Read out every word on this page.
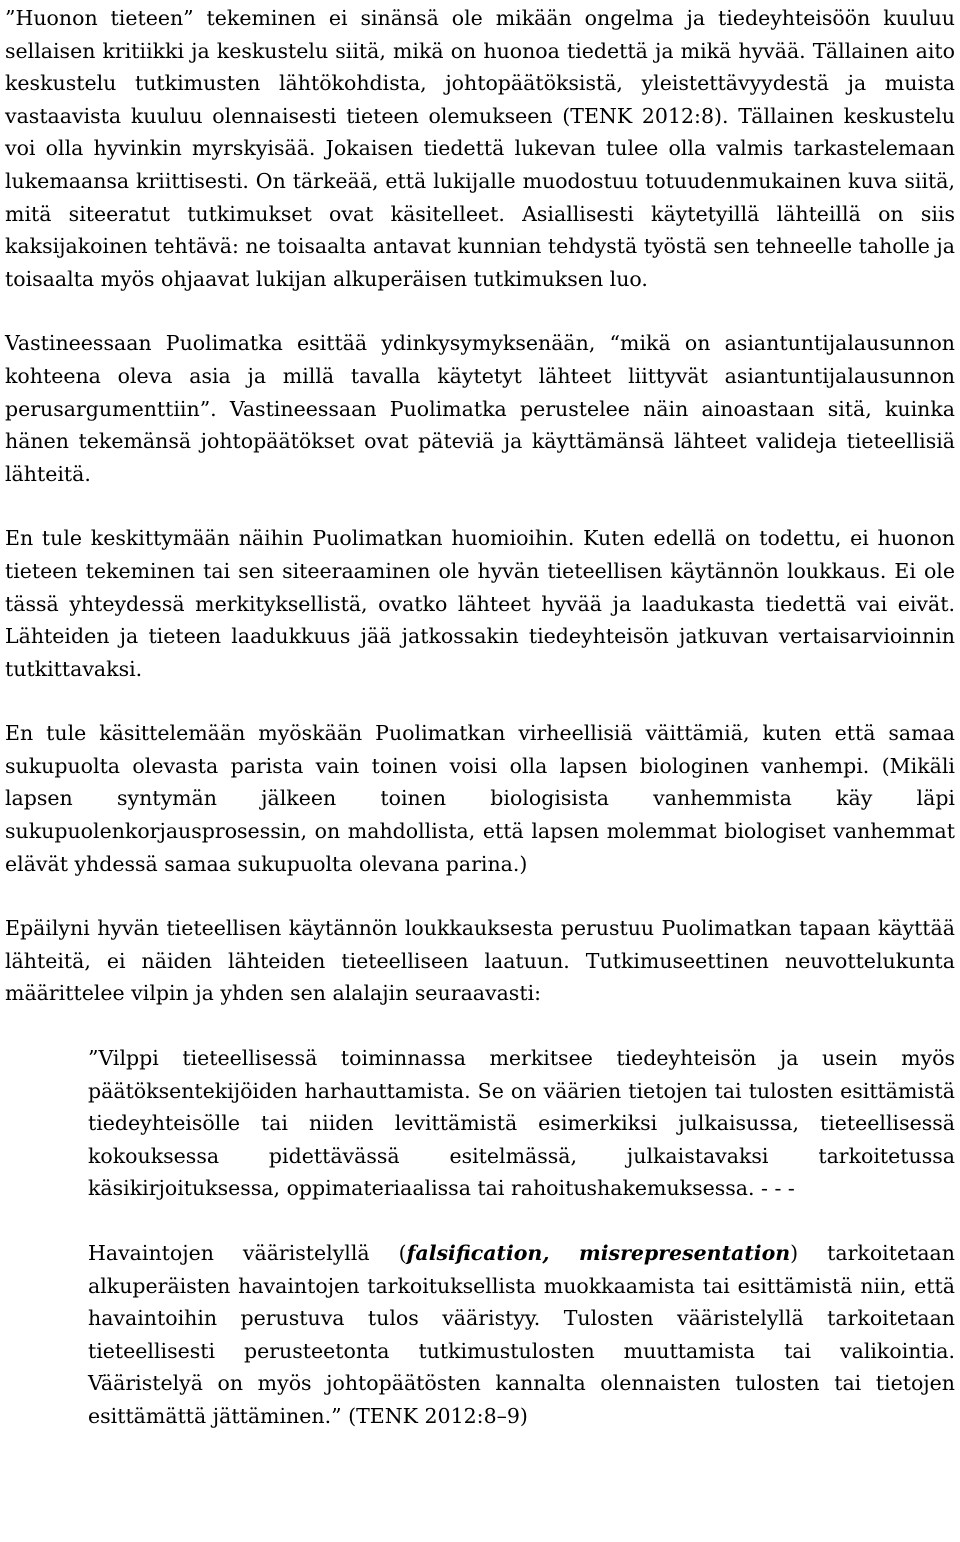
”Huonon tieteen” tekeminen ei sinänsä ole mikään ongelma ja tiedeyhteisöön kuuluu sellaisen kritiikki ja keskustelu siitä, mikä on huonoa tiedettä ja mikä hyvää. Tällainen aito keskustelu tutkimusten lähtökohdista, johtopäätöksistä, yleistettävyydestä ja muista vastaavista kuuluu olennaisesti tieteen olemukseen (TENK 2012:8). Tällainen keskustelu voi olla hyvinkin myrskyisää. Jokaisen tiedettä lukevan tulee olla valmis tarkastelemaan lukemaansa kriittisesti. On tärkeää, että lukijalle muodostuu totuudenmukainen kuva siitä, mitä siteeratut tutkimukset ovat käsitelleet. Asiallisesti käytetyillä lähteillä on siis kaksijakoinen tehtävä: ne toisaalta antavat kunnian tehdystä työstä sen tehneelle taholle ja toisaalta myös ohjaavat lukijan alkuperäisen tutkimuksen luo.

Vastineessaan Puolimatka esittää ydinkysymyksenään, “mikä on asiantuntijalausunnon kohteena oleva asia ja millä tavalla käytetyt lähteet liittyvät asiantuntijalausunnon perusargumenttiin”. Vastineessaan Puolimatka perustelee näin ainoastaan sitä, kuinka hänen tekemänsä johtopäätökset ovat päteviä ja käyttämänsä lähteet valideja tieteellisiä lähteitä.

En tule keskittymään näihin Puolimatkan huomioihin. Kuten edellä on todettu, ei huonon tieteen tekeminen tai sen siteeraaminen ole hyvän tieteellisen käytännön loukkaus. Ei ole tässä yhteydessä merkityksellistä, ovatko lähteet hyvää ja laadukasta tiedettä vai eivät. Lähteiden ja tieteen laadukkuus jää jatkossakin tiedeyhteisön jatkuvan vertaisarvioinnin tutkittavaksi.

En tule käsittelemään myöskään Puolimatkan virheellisiä väittämiä, kuten että samaa sukupuolta olevasta parista vain toinen voisi olla lapsen biologinen vanhempi. (Mikäli lapsen syntymän jälkeen toinen biologisista vanhemmista käy läpi sukupuolenkorjausprosessin, on mahdollista, että lapsen molemmat biologiset vanhemmat elävät yhdessä samaa sukupuolta olevana parina.)

Epäilyni hyvän tieteellisen käytännön loukkauksesta perustuu Puolimatkan tapaan käyttää lähteitä, ei näiden lähteiden tieteelliseen laatuun. Tutkimuseettinen neuvottelukunta määrittelee vilpin ja yhden sen alalajin seuraavasti:

”Vilppi tieteellisessä toiminnassa merkitsee tiedeyhteisön ja usein myös päätöksentekijöiden harhauttamista. Se on väärien tietojen tai tulosten esittämistä tiedeyhteisölle tai niiden levittämistä esimerkiksi julkaisussa, tieteellisessä kokouksessa pidettävässä esitelmässä, julkaistavaksi tarkoitetussa käsikirjoituksessa, oppimateriaalissa tai rahoitushakemuksessa. - - -

Havaintojen vääristelyllä (falsification, misrepresentation) tarkoitetaan alkuperäisten havaintojen tarkoituksellista muokkaamista tai esittämistä niin, että havaintoihin perustuva tulos vääristyy. Tulosten vääristelyllä tarkoitetaan tieteellisesti perusteetonta tutkimustulosten muuttamista tai valikointia. Vääristelyä on myös johtopäätösten kannalta olennaisten tulosten tai tietojen esittämättä jättäminen.” (TENK 2012:8–9)
